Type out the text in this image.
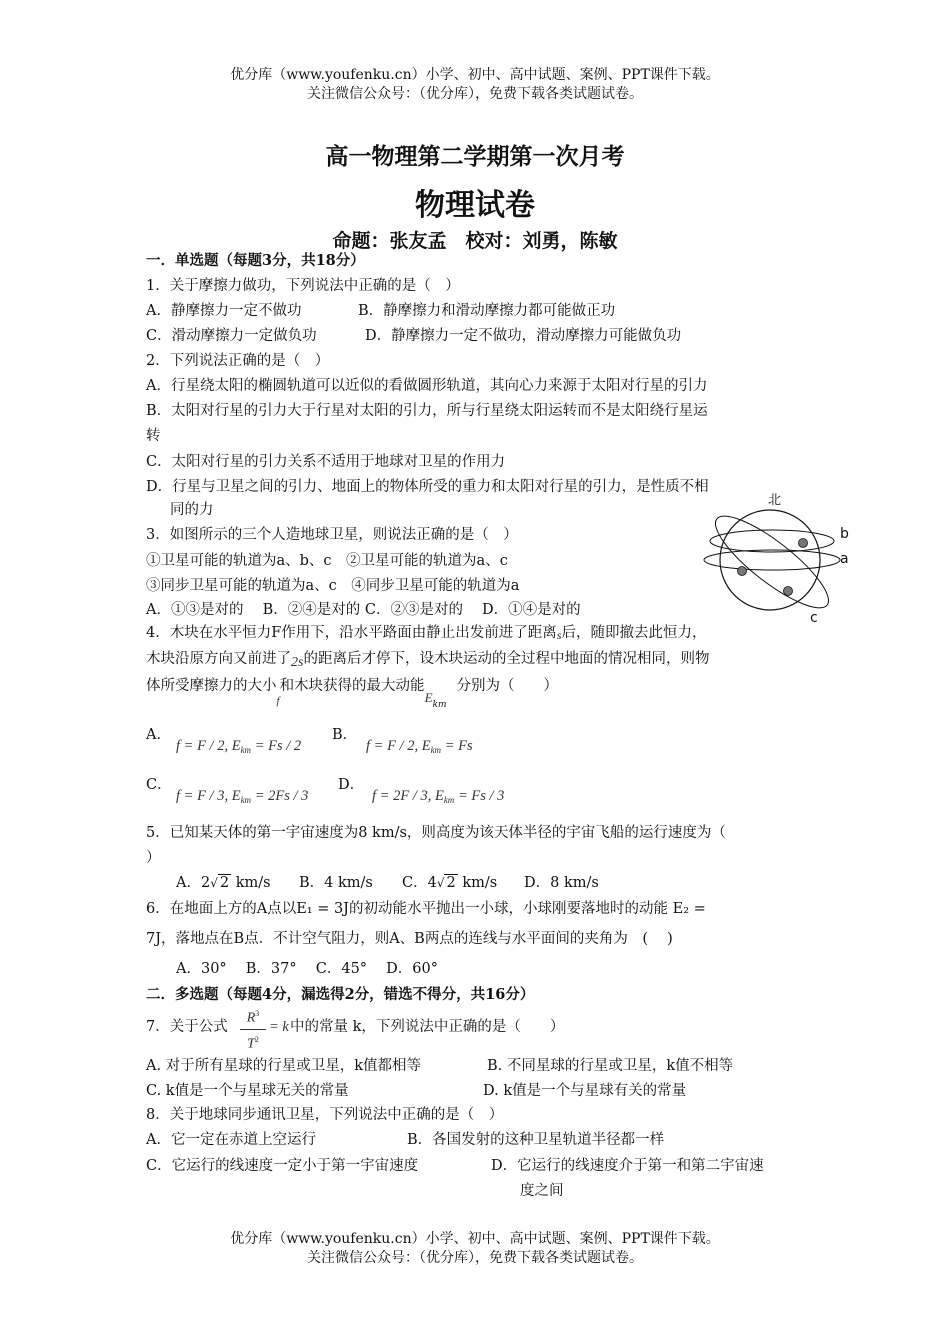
优分库（www.youfenku.cn）小学、初中、高中试题、案例、PPT课件下载。
关注微信公众号：（优分库），免费下载各类试题试卷。
高一物理第二学期第一次月考
物理试卷
命题：张友孟　校对：刘勇，陈敏
一．单选题（每题3分，共18分）
1．关于摩擦力做功，下列说法中正确的是（　）
A．静摩擦力一定不做功	B．静摩擦力和滑动摩擦力都可能做正功
C．滑动摩擦力一定做负功	D．静摩擦力一定不做功，滑动摩擦力可能做负功
2．下列说法正确的是（　）
A．行星绕太阳的椭圆轨道可以近似的看做圆形轨道，其向心力来源于太阳对行星的引力
B．太阳对行星的引力大于行星对太阳的引力，所与行星绕太阳运转而不是太阳绕行星运
转
C．太阳对行星的引力关系不适用于地球对卫星的作用力
D．行星与卫星之间的引力、地面上的物体所受的重力和太阳对行星的引力，是性质不相
同的力
3．如图所示的三个人造地球卫星，则说法正确的是（　）
①卫星可能的轨道为a、b、c　②卫星可能的轨道为a、c
③同步卫星可能的轨道为a、c　④同步卫星可能的轨道为a
A．①③是对的　 B．②④是对的 C．②③是对的　 D．①④是对的
北
b
a
c
4．木块在水平恒力F作用下，沿水平路面由静止出发前进了距离s后，随即撤去此恒力，
木块沿原方向又前进了2s的距离后才停下，设木块运动的全过程中地面的情况相同，则物
体所受摩擦力的大小$_f$和木块获得的最大动能$E_{km}$分别为（　　）
A．
f = F / 2, $E_{km} = Fs / 2$
B．
f = F / 2, $E_{km} = Fs$
C．
f = F / 3, $E_{km} = 2Fs / 3$
D．
f = 2F / 3, $E_{km} = Fs / 3$
5．已知某天体的第一宇宙速度为8 km/s，则高度为该天体半径的宇宙飞船的运行速度为（
）
A．2√ 2 km/s B．4 km/s C．4√ 2 km/s D．8 km/s
6．在地面上方的A点以E₁ = 3J的初动能水平抛出一小球，小球刚要落地时的动能 E₂ =
7J，落地点在B点．不计空气阻力，则A、B两点的连线与水平面间的夹角为　(　 )
A．30°　 B．37°　 C．45°　 D．60°
二．多选题（每题4分，漏选得2分，错选不得分，共16分）
7．关于公式 $\frac{R^3}{T^2} = k$ 中的常量 k，下列说法中正确的是（　　）
A. 对于所有星球的行星或卫星，k值都相等	B. 不同星球的行星或卫星，k值不相等
C. k值是一个与星球无关的常量	D. k值是一个与星球有关的常量
8．关于地球同步通讯卫星，下列说法中正确的是（　）
A．它一定在赤道上空运行	B．各国发射的这种卫星轨道半径都一样
C．它运行的线速度一定小于第一宇宙速度	D．它运行的线速度介于第一和第二宇宙速
度之间
优分库（www.youfenku.cn）小学、初中、高中试题、案例、PPT课件下载。
关注微信公众号：（优分库），免费下载各类试题试卷。
